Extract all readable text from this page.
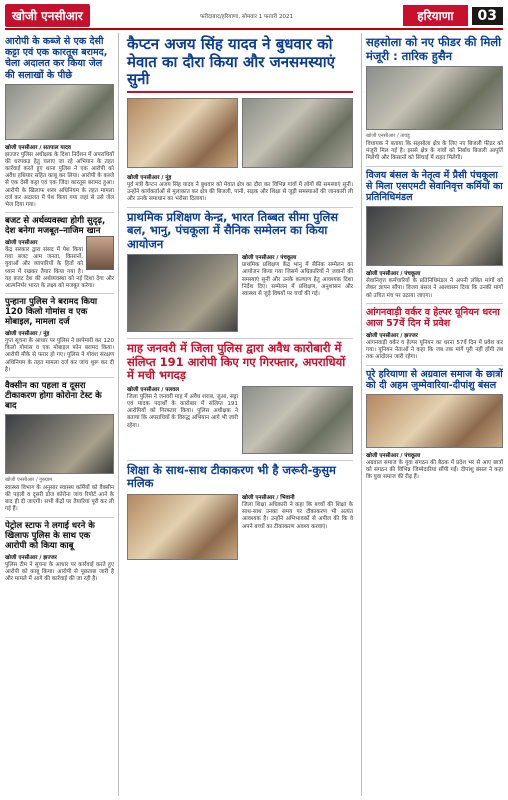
खोजी एनसीआर	फरीदाबाद/हरियाणा, सोमवार 1 फरवरी 2021	हरियाणा	03
आरोपी के कब्जे से एक देसी कट्टा एवं एक कारतूस बरामद, चेला अदालत कर किया जेल की सलाखों के पीछे
खोजी एनसीआर / सतपाल यादव
झज्जर पुलिस अधीक्षक के दिशा निर्देशन में अपराधियों की धरपकड़ हेतु चलाए जा रहे अभियान के तहत कार्रवाई करते हुए थाना पुलिस ने एक आरोपी को अवैध हथियार सहित काबू कर लिया। आरोपी के कब्जे से एक देसी कट्टा एवं एक जिंदा कारतूस बरामद हुआ। आरोपी के खिलाफ शस्त्र अधिनियम के तहत मामला दर्ज कर अदालत में पेश किया गया जहां से उसे जेल भेज दिया गया।
बजट से अर्थव्यवस्था होगी सुदृढ़, देश बनेगा मजबूत–नाजिम खान
खोजी एनसीआर
केंद्र सरकार द्वारा संसद में पेश किया गया बजट आम जनता, किसानों, युवाओं और व्यापारियों के हितों को ध्यान में रखकर तैयार किया गया है। यह बजट देश की अर्थव्यवस्था को नई दिशा देगा और आत्मनिर्भर भारत के लक्ष्य को मजबूत करेगा।
पुन्हाना पुलिस ने बरामद किया 120 किलो गोमांस व एक मोबाइल, मामला दर्ज
खोजी एनसीआर / नूंह
गुप्त सूचना के आधार पर पुलिस ने छापेमारी कर 120 किलो गोमांस व एक मोबाइल फोन बरामद किया। आरोपी मौके से फरार हो गए। पुलिस ने गोवंश संरक्षण अधिनियम के तहत मामला दर्ज कर जांच शुरू कर दी है।
वैक्सीन का पहला व दूसरा टीकाकरण होगा कोरोना टेस्ट के बाद
खोजी एनसीआर / गुरुग्राम
स्वास्थ्य विभाग के अनुसार स्वास्थ्य कर्मियों को वैक्सीन की पहली व दूसरी डोज कोरोना जांच रिपोर्ट आने के बाद ही दी जाएगी। सभी केंद्रों पर तैयारियां पूरी कर ली गई हैं।
पेट्रोल स्टाफ ने लगाई धरने के खिलाफ पुलिस के साथ एक आरोपी को किया काबू
खोजी एनसीआर / झज्जर
पुलिस टीम ने सूचना के आधार पर कार्रवाई करते हुए आरोपी को काबू किया। आरोपी से पूछताछ जारी है और मामले में आगे की कार्रवाई की जा रही है।
कैप्टन अजय सिंह यादव ने बुधवार को मेवात का दौरा किया और जनसमस्याएं सुनी
खोजी एनसीआर / नूंह
पूर्व मंत्री कैप्टन अजय सिंह यादव ने बुधवार को मेवात क्षेत्र का दौरा कर विभिन्न गांवों में लोगों की समस्याएं सुनीं। उन्होंने कार्यकर्ताओं से मुलाकात कर क्षेत्र की बिजली, पानी, सड़क और शिक्षा से जुड़ी समस्याओं की जानकारी ली और उनके समाधान का भरोसा दिलाया।
प्राथमिक प्रशिक्षण केन्द्र, भारत तिब्बत सीमा पुलिस बल, भानु, पंचकूला में सैनिक सम्मेलन का किया आयोजन
खोजी एनसीआर / पंचकूला
प्राथमिक प्रशिक्षण केंद्र भानु में सैनिक सम्मेलन का आयोजन किया गया जिसमें अधिकारियों ने जवानों की समस्याएं सुनीं और उनके कल्याण हेतु आवश्यक दिशा निर्देश दिए। सम्मेलन में प्रशिक्षण, अनुशासन और स्वास्थ्य से जुड़े विषयों पर चर्चा की गई।
माह जनवरी में जिला पुलिस द्वारा अवैध कारोबारी में संलिप्त 191 आरोपी किए गए गिरफ्तार, अपराधियों में मची भगदड़
खोजी एनसीआर / पलवल
जिला पुलिस ने जनवरी माह में अवैध शराब, जुआ, सट्टा एवं मादक पदार्थों के कारोबार में संलिप्त 191 आरोपियों को गिरफ्तार किया। पुलिस अधीक्षक ने बताया कि अपराधियों के विरुद्ध अभियान आगे भी जारी रहेगा।
शिक्षा के साथ-साथ टीकाकरण भी है जरूरी-कुसुम मलिक
खोजी एनसीआर / भिवानी
जिला शिक्षा अधिकारी ने कहा कि बच्चों की शिक्षा के साथ-साथ उनका समय पर टीकाकरण भी अत्यंत आवश्यक है। उन्होंने अभिभावकों से अपील की कि वे अपने बच्चों का टीकाकरण अवश्य करवाएं।
सहसोला को नए फीडर की मिली मंजूरी : तारिक हुसैन
खोजी एनसीआर / तावडू
विधायक ने बताया कि सहसोला क्षेत्र के लिए नए बिजली फीडर को मंजूरी मिल गई है। इससे क्षेत्र के गांवों को निर्बाध बिजली आपूर्ति मिलेगी और किसानों को सिंचाई में राहत मिलेगी।
विजय बंसल के नेतृत्व में प्रैसी पंचकूला से मिला एसएमटी सेवानिवृत्त कर्मियों का प्रतिनिधिमंडल
खोजी एनसीआर / पंचकूला
सेवानिवृत्त कर्मचारियों के प्रतिनिधिमंडल ने अपनी लंबित मांगों को लेकर ज्ञापन सौंपा। विजय बंसल ने आश्वासन दिया कि उनकी मांगों को उचित मंच पर उठाया जाएगा।
आंगनवाड़ी वर्कर व हेल्पर यूनियन धरना आज 57वें दिन में प्रवेश
खोजी एनसीआर / झज्जर
आंगनवाड़ी वर्कर व हेल्पर यूनियन का धरना 57वें दिन में प्रवेश कर गया। यूनियन नेताओं ने कहा कि जब तक मांगें पूरी नहीं होंगी तब तक आंदोलन जारी रहेगा।
पूरे हरियाणा से अग्रवाल समाज के छात्रों को दी अहम जुम्मेवारिया-दीपांशु बंसल
खोजी एनसीआर / पंचकूला
अग्रवाल समाज के युवा संगठन की बैठक में प्रदेश भर से आए छात्रों को संगठन की विभिन्न जिम्मेदारियां सौंपी गईं। दीपांशु बंसल ने कहा कि युवा समाज की रीढ़ हैं।
